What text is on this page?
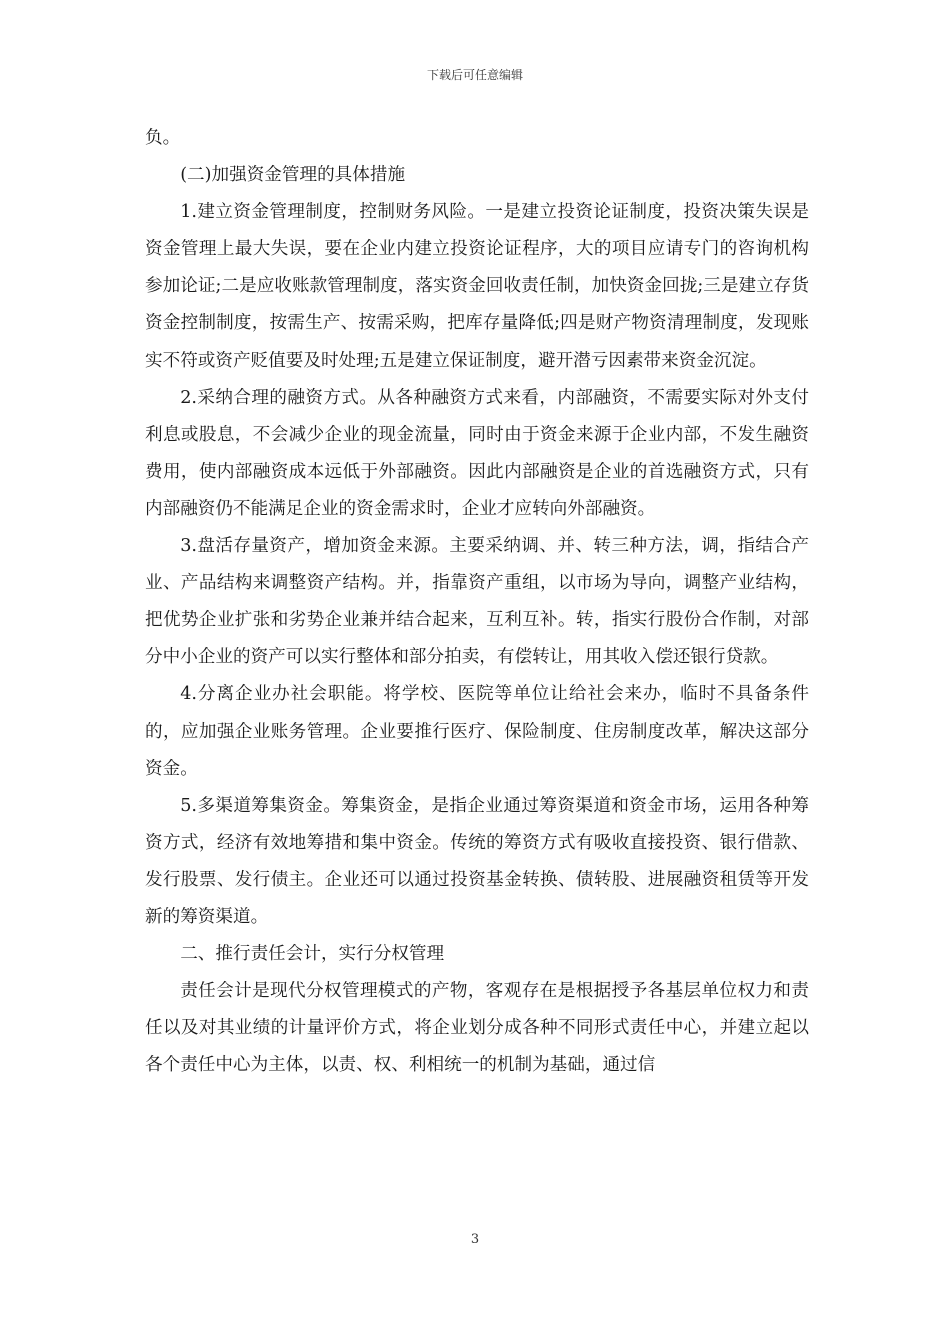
下载后可任意编辑

负。

(二)加强资金管理的具体措施

1.建立资金管理制度，控制财务风险。一是建立投资论证制度，投资决策失误是资金管理上最大失误，要在企业内建立投资论证程序，大的项目应请专门的咨询机构参加论证;二是应收账款管理制度，落实资金回收责任制，加快资金回拢;三是建立存货资金控制制度，按需生产、按需采购，把库存量降低;四是财产物资清理制度，发现账实不符或资产贬值要及时处理;五是建立保证制度，避开潜亏因素带来资金沉淀。

2.采纳合理的融资方式。从各种融资方式来看，内部融资，不需要实际对外支付利息或股息，不会减少企业的现金流量，同时由于资金来源于企业内部，不发生融资费用，使内部融资成本远低于外部融资。因此内部融资是企业的首选融资方式，只有内部融资仍不能满足企业的资金需求时，企业才应转向外部融资。

3.盘活存量资产，增加资金来源。主要采纳调、并、转三种方法，调，指结合产业、产品结构来调整资产结构。并，指靠资产重组，以市场为导向，调整产业结构，把优势企业扩张和劣势企业兼并结合起来，互利互补。转，指实行股份合作制，对部分中小企业的资产可以实行整体和部分拍卖，有偿转让，用其收入偿还银行贷款。

4.分离企业办社会职能。将学校、医院等单位让给社会来办，临时不具备条件的，应加强企业账务管理。企业要推行医疗、保险制度、住房制度改革，解决这部分资金。

5.多渠道筹集资金。筹集资金，是指企业通过筹资渠道和资金市场，运用各种筹资方式，经济有效地筹措和集中资金。传统的筹资方式有吸收直接投资、银行借款、发行股票、发行债主。企业还可以通过投资基金转换、债转股、进展融资租赁等开发新的筹资渠道。

二、推行责任会计，实行分权管理

责任会计是现代分权管理模式的产物，客观存在是根据授予各基层单位权力和责任以及对其业绩的计量评价方式，将企业划分成各种不同形式责任中心，并建立起以各个责任中心为主体，以责、权、利相统一的机制为基础，通过信

3
